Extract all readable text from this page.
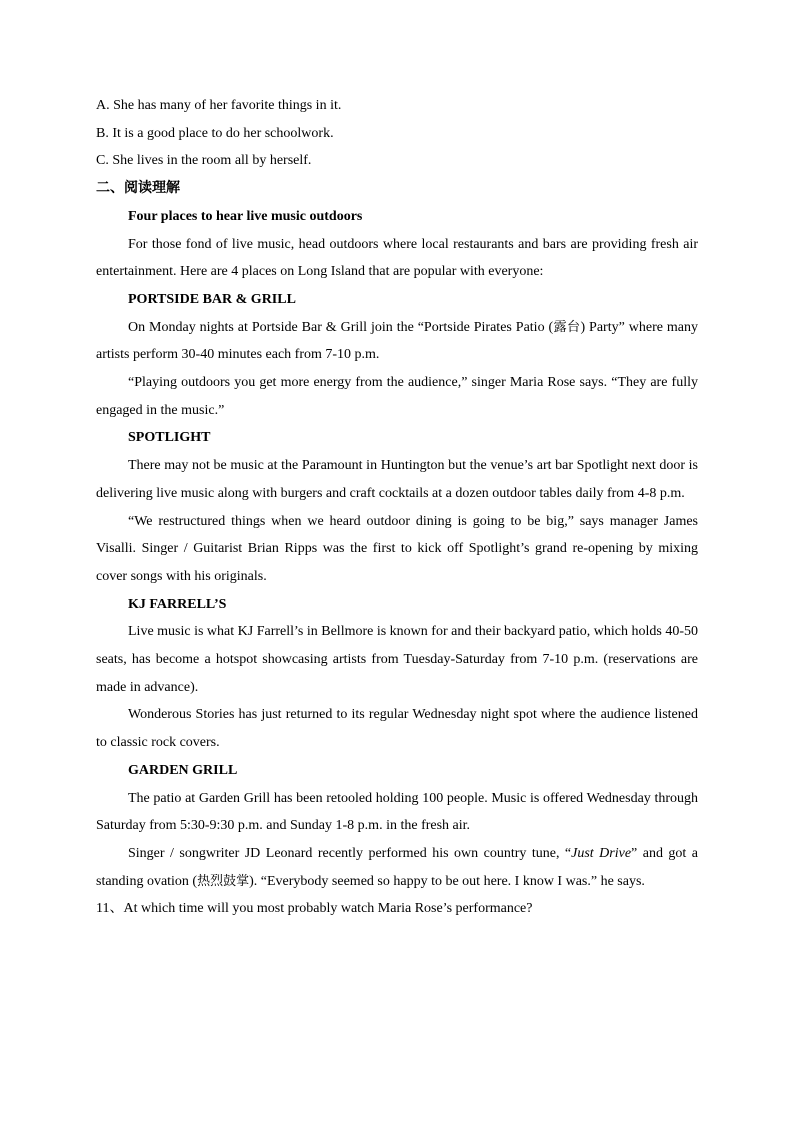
A. She has many of her favorite things in it.

B. It is a good place to do her schoolwork.

C. She lives in the room all by herself.

二、阅读理解

Four places to hear live music outdoors

For those fond of live music, head outdoors where local restaurants and bars are providing fresh air entertainment. Here are 4 places on Long Island that are popular with everyone:

PORTSIDE BAR & GRILL

On Monday nights at Portside Bar & Grill join the “Portside Pirates Patio (露台) Party” where many artists perform 30-40 minutes each from 7-10 p.m.

“Playing outdoors you get more energy from the audience,” singer Maria Rose says. “They are fully engaged in the music.”

SPOTLIGHT

There may not be music at the Paramount in Huntington but the venue’s art bar Spotlight next door is delivering live music along with burgers and craft cocktails at a dozen outdoor tables daily from 4-8 p.m.

“We restructured things when we heard outdoor dining is going to be big,” says manager James Visalli. Singer / Guitarist Brian Ripps was the first to kick off Spotlight’s grand re-opening by mixing cover songs with his originals.

KJ FARRELL’S

Live music is what KJ Farrell’s in Bellmore is known for and their backyard patio, which holds 40-50 seats, has become a hotspot showcasing artists from Tuesday-Saturday from 7-10 p.m. (reservations are made in advance).

Wonderous Stories has just returned to its regular Wednesday night spot where the audience listened to classic rock covers.

GARDEN GRILL

The patio at Garden Grill has been retooled holding 100 people. Music is offered Wednesday through Saturday from 5:30-9:30 p.m. and Sunday 1-8 p.m. in the fresh air.

Singer / songwriter JD Leonard recently performed his own country tune, “Just Drive” and got a standing ovation (热烈鼓掌). “Everybody seemed so happy to be out here. I know I was.” he says.

11、At which time will you most probably watch Maria Rose’s performance?
